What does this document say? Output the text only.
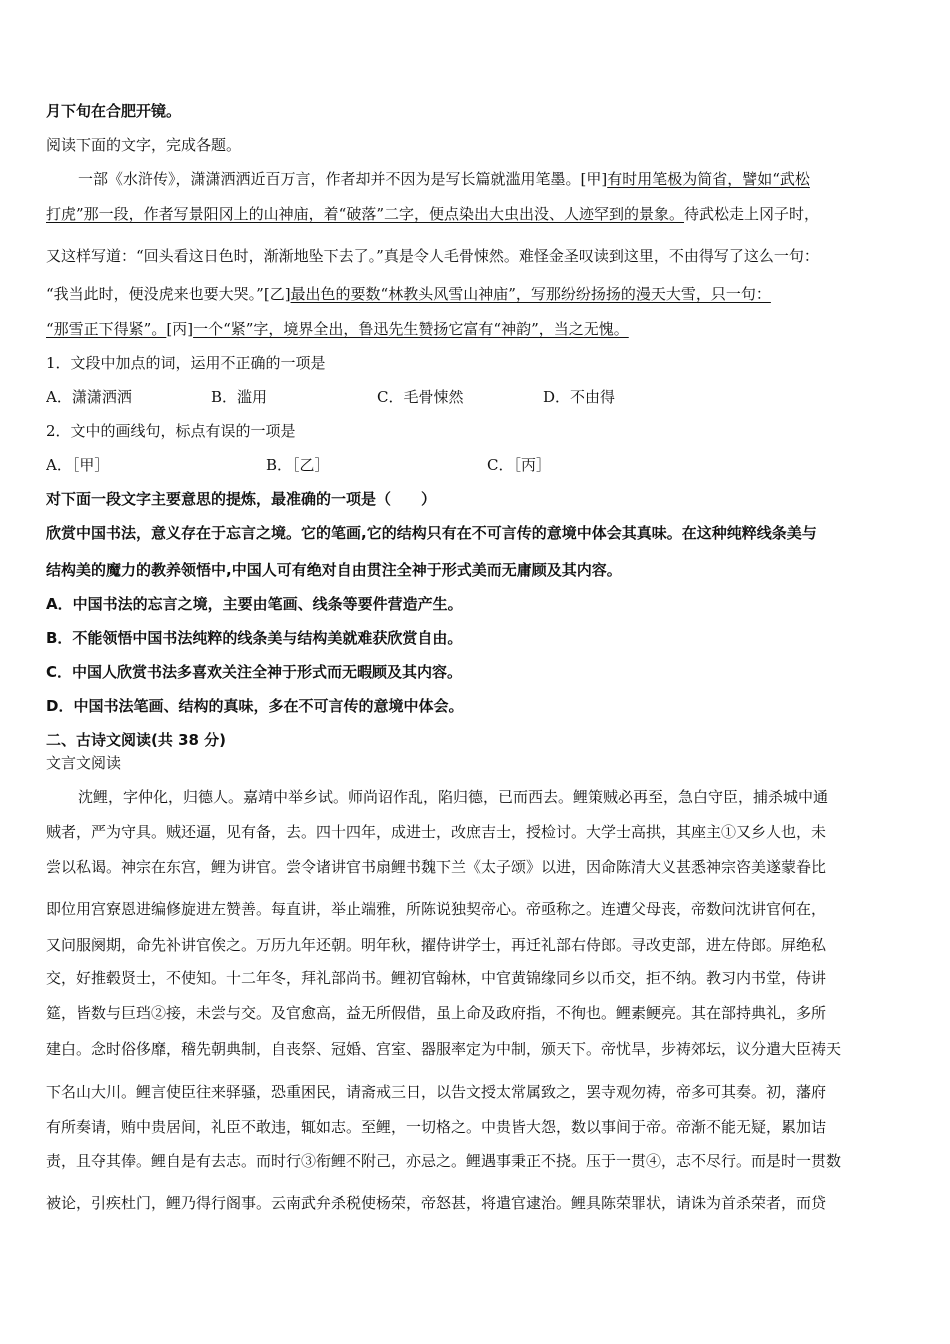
月下旬在合肥开镜。
阅读下面的文字，完成各题。
一部《水浒传》，潇潇洒洒近百万言，作者却并不因为是写长篇就滥用笔墨。[甲]有时用笔极为简省，譬如“武松
打虎”那一段，作者写景阳冈上的山神庙，着“破落”二字，便点染出大虫出没、人迹罕到的景象。待武松走上冈子时，
又这样写道：“回头看这日色时，渐渐地坠下去了。”真是令人毛骨悚然。难怪金圣叹读到这里，不由得写了这么一句：
“我当此时，便没虎来也要大哭。”[乙]最出色的要数“林教头风雪山神庙”，写那纷纷扬扬的漫天大雪，只一句：
“那雪正下得紧”。[丙]一个“紧”字，境界全出，鲁迅先生赞扬它富有“神韵”，当之无愧。
1．文段中加点的词，运用不正确的一项是
A．潇潇洒洒	B．滥用	C．毛骨悚然	D．不由得
2．文中的画线句，标点有误的一项是
A．［甲］	B．［乙］	C．［丙］
对下面一段文字主要意思的提炼，最准确的一项是（　　）
欣赏中国书法，意义存在于忘言之境。它的笔画,它的结构只有在不可言传的意境中体会其真味。在这种纯粹线条美与
结构美的魔力的教养领悟中,中国人可有绝对自由贯注全神于形式美而无庸顾及其内容。
A．中国书法的忘言之境，主要由笔画、线条等要件营造产生。
B．不能领悟中国书法纯粹的线条美与结构美就难获欣赏自由。
C．中国人欣赏书法多喜欢关注全神于形式而无暇顾及其内容。
D．中国书法笔画、结构的真味，多在不可言传的意境中体会。
二、古诗文阅读(共 38 分)
文言文阅读
沈鲤，字仲化，归德人。嘉靖中举乡试。师尚诏作乱，陷归德，已而西去。鲤策贼必再至，急白守臣，捕杀城中通
贼者，严为守具。贼还逼，见有备，去。四十四年，成进士，改庶吉士，授检讨。大学士高拱，其座主①又乡人也，未
尝以私谒。神宗在东宫，鲤为讲官。尝令诸讲官书扇鲤书魏下兰《太子颂》以进，因命陈清大义甚悉神宗咨美遂蒙眷比
即位用宫寮恩进编修旋进左赞善。每直讲，举止端雅，所陈说独契帝心。帝亟称之。连遭父母丧，帝数问沈讲官何在，
又问服阕期，命先补讲官俟之。万历九年还朝。明年秋，擢侍讲学士，再迁礼部右侍郎。寻改吏部，进左侍郎。屏绝私
交，好推毂贤士，不使知。十二年冬，拜礼部尚书。鲤初官翰林，中官黄锦缘同乡以币交，拒不纳。教习内书堂，侍讲
筵，皆数与巨珰②接，未尝与交。及官愈高，益无所假借，虽上命及政府指，不徇也。鲤素鲠亮。其在部持典礼，多所
建白。念时俗侈靡，稽先朝典制，自丧祭、冠婚、宫室、器服率定为中制，颁天下。帝忧旱，步祷郊坛，议分遣大臣祷天
下名山大川。鲤言使臣往来驿骚，恐重困民，请斋戒三日，以告文授太常属致之，罢寺观勿祷，帝多可其奏。初，藩府
有所奏请，贿中贵居间，礼臣不敢违，辄如志。至鲤，一切格之。中贵皆大怨，数以事间于帝。帝渐不能无疑，累加诘
责，且夺其俸。鲤自是有去志。而时行③衔鲤不附己，亦忌之。鲤遇事秉正不挠。压于一贯④，志不尽行。而是时一贯数
被论，引疾杜门，鲤乃得行阁事。云南武弁杀税使杨荣，帝怒甚，将遣官逮治。鲤具陈荣罪状，请诛为首杀荣者，而贷
